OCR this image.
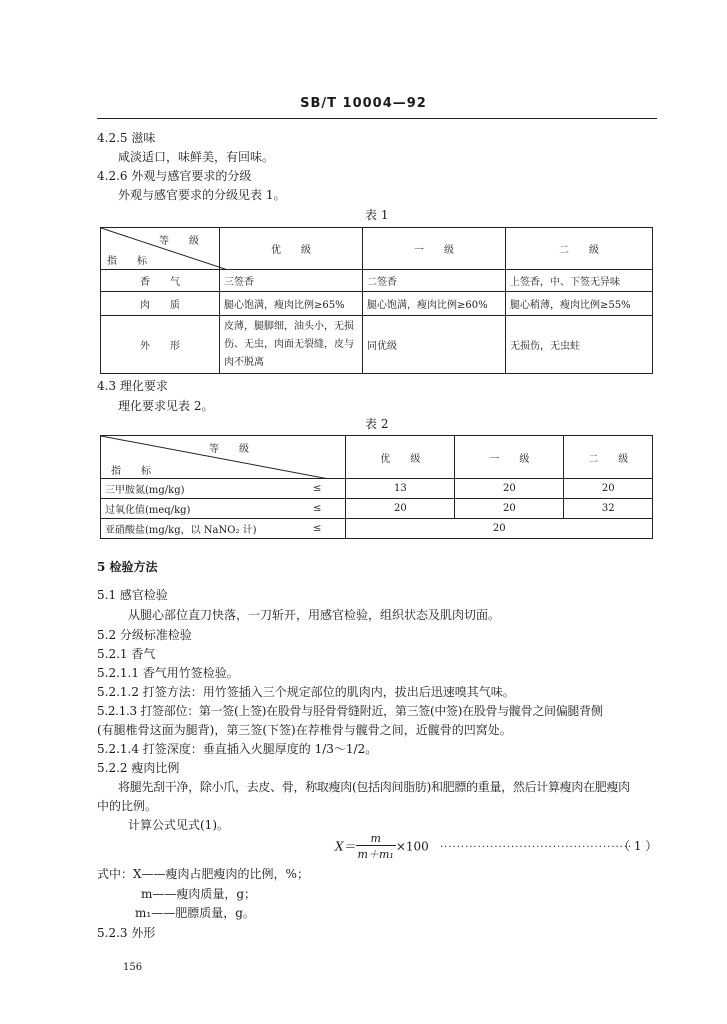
SB/T 10004—92
4.2.5 滋味
咸淡适口，味鲜美，有回味。
4.2.6 外观与感官要求的分级
外观与感官要求的分级见表 1。
表 1
等　　级
指　　标	优　　级	一　　级	二　　级
香　　气	三签香	二签香	上签香，中、下签无异味
肉　　质	腿心饱满，瘦肉比例≥65%	腿心饱满，瘦肉比例≥60%	腿心稍薄，瘦肉比例≥55%
外　　形	皮薄，腿脚细，油头小，无损
伤、无虫，肉面无裂缝，皮与
肉不脱离	同优级	无损伤，无虫蛀
4.3 理化要求
理化要求见表 2。
表 2
等　　级
指　　标		优　　级	一　　级	二　　级
三甲胺氮(mg/kg)	≤	13	20	20
过氧化值(meq/kg)	≤	20	20	32
亚硝酸盐(mg/kg，以 NaNO₂ 计)	≤	20		
5 检验方法
5.1 感官检验
从腿心部位直刀快落，一刀斩开，用感官检验，组织状态及肌肉切面。
5.2 分级标准检验
5.2.1 香气
5.2.1.1 香气用竹签检验。
5.2.1.2 打签方法：用竹签插入三个规定部位的肌肉内，拔出后迅速嗅其气味。
5.2.1.3 打签部位：第一签(上签)在股骨与胫骨骨缝附近，第三签(中签)在股骨与髋骨之间偏腿背侧
(有腿椎骨这面为腿背)，第三签(下签)在荐椎骨与髋骨之间，近髋骨的凹窝处。
5.2.1.4 打签深度：垂直插入火腿厚度的 1/3～1/2。
5.2.2 瘦肉比例
将腿先刮干净，除小爪，去皮、骨，称取瘦肉(包括肉间脂肪)和肥膘的重量，然后计算瘦肉在肥瘦肉
中的比例。
计算公式见式(1)。
$X= \frac{m}{\text{m＋m₁}} \times 100$ ··············································
（ 1 ）
式中：X——瘦肉占肥瘦肉的比例，%；
m——瘦肉质量，g；
m₁——肥膘质量，g。
5.2.3 外形
156
